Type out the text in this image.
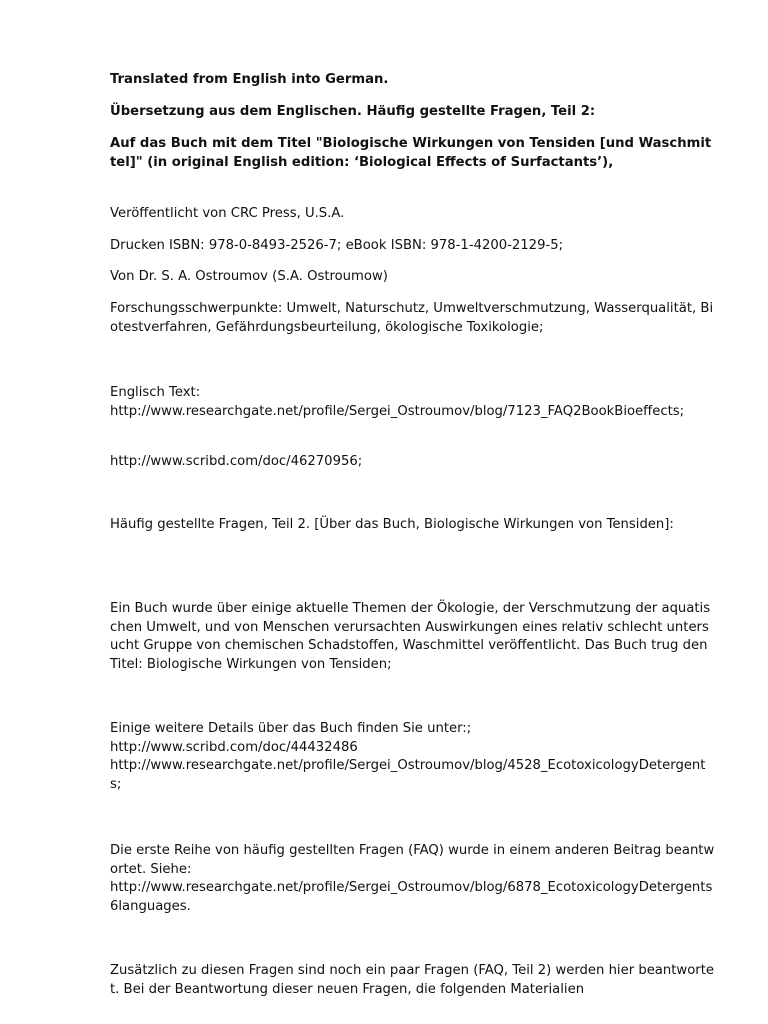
Translated from English into German.

Übersetzung aus dem Englischen. Häufig gestellte Fragen, Teil 2:

Auf das Buch mit dem Titel "Biologische Wirkungen von Tensiden [und Waschmittel]" (in original English edition: ‘Biological Effects of Surfactants’),

Veröffentlicht von CRC Press, U.S.A.

Drucken ISBN: 978-0-8493-2526-7; eBook ISBN: 978-1-4200-2129-5;

Von Dr. S. A. Ostroumov (S.A. Ostroumow)

Forschungsschwerpunkte: Umwelt, Naturschutz, Umweltverschmutzung, Wasserqualität, Biotestverfahren, Gefährdungsbeurteilung, ökologische Toxikologie;

Englisch Text:
http://www.researchgate.net/profile/Sergei_Ostroumov/blog/7123_FAQ2BookBioeffects;

http://www.scribd.com/doc/46270956;

Häufig gestellte Fragen, Teil 2. [Über das Buch, Biologische Wirkungen von Tensiden]:

Ein Buch wurde über einige aktuelle Themen der Ökologie, der Verschmutzung der aquatischen Umwelt, und von Menschen verursachten Auswirkungen eines relativ schlecht untersucht Gruppe von chemischen Schadstoffen, Waschmittel veröffentlicht. Das Buch trug den Titel: Biologische Wirkungen von Tensiden;

Einige weitere Details über das Buch finden Sie unter:;
http://www.scribd.com/doc/44432486
http://www.researchgate.net/profile/Sergei_Ostroumov/blog/4528_EcotoxicologyDetergents;

Die erste Reihe von häufig gestellten Fragen (FAQ) wurde in einem anderen Beitrag beantwortet. Siehe:
http://www.researchgate.net/profile/Sergei_Ostroumov/blog/6878_EcotoxicologyDetergents6languages.

Zusätzlich zu diesen Fragen sind noch ein paar Fragen (FAQ, Teil 2) werden hier beantwortet. Bei der Beantwortung dieser neuen Fragen, die folgenden Materialien
